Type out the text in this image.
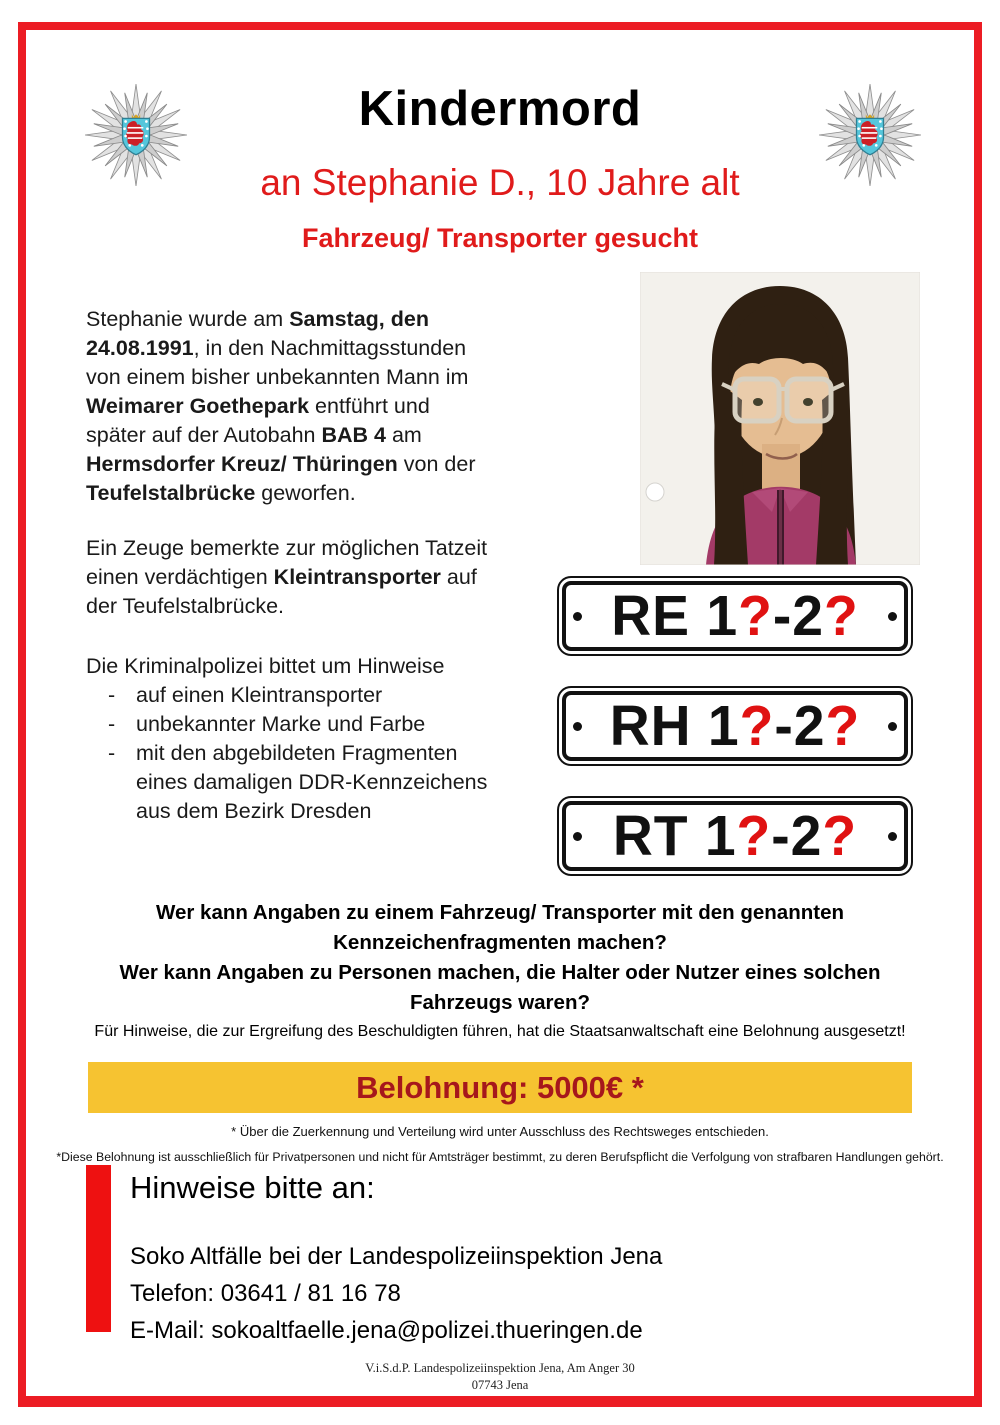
Kindermord
an Stephanie D., 10 Jahre alt
Fahrzeug/ Transporter gesucht
Stephanie wurde am Samstag, den
24.08.1991, in den Nachmittagsstunden
von einem bisher unbekannten Mann im
Weimarer Goethepark entführt und
später auf der Autobahn BAB 4 am
Hermsdorfer Kreuz/ Thüringen von der
Teufelstalbrücke geworfen.
Ein Zeuge bemerkte zur möglichen Tatzeit
einen verdächtigen Kleintransporter auf
der Teufelstalbrücke.
Die Kriminalpolizei bittet um Hinweise
- auf einen Kleintransporter
- unbekannter Marke und Farbe
- mit den abgebildeten Fragmenten
eines damaligen DDR-Kennzeichens
aus dem Bezirk Dresden
RE 1?-2?
RH 1?-2?
RT 1?-2?
Wer kann Angaben zu einem Fahrzeug/ Transporter mit den genannten
Kennzeichenfragmenten machen?
Wer kann Angaben zu Personen machen, die Halter oder Nutzer eines solchen
Fahrzeugs waren?
Für Hinweise, die zur Ergreifung des Beschuldigten führen, hat die Staatsanwaltschaft eine Belohnung ausgesetzt!
Belohnung: 5000€ *
* Über die Zuerkennung und Verteilung wird unter Ausschluss des Rechtsweges entschieden.
*Diese Belohnung ist ausschließlich für Privatpersonen und nicht für Amtsträger bestimmt, zu deren Berufspflicht die Verfolgung von strafbaren Handlungen gehört.
Hinweise bitte an:
Soko Altfälle bei der Landespolizeiinspektion Jena
Telefon: 03641 / 81 16 78
E-Mail: sokoaltfaelle.jena@polizei.thueringen.de
V.i.S.d.P. Landespolizeiinspektion Jena, Am Anger 30
07743 Jena
